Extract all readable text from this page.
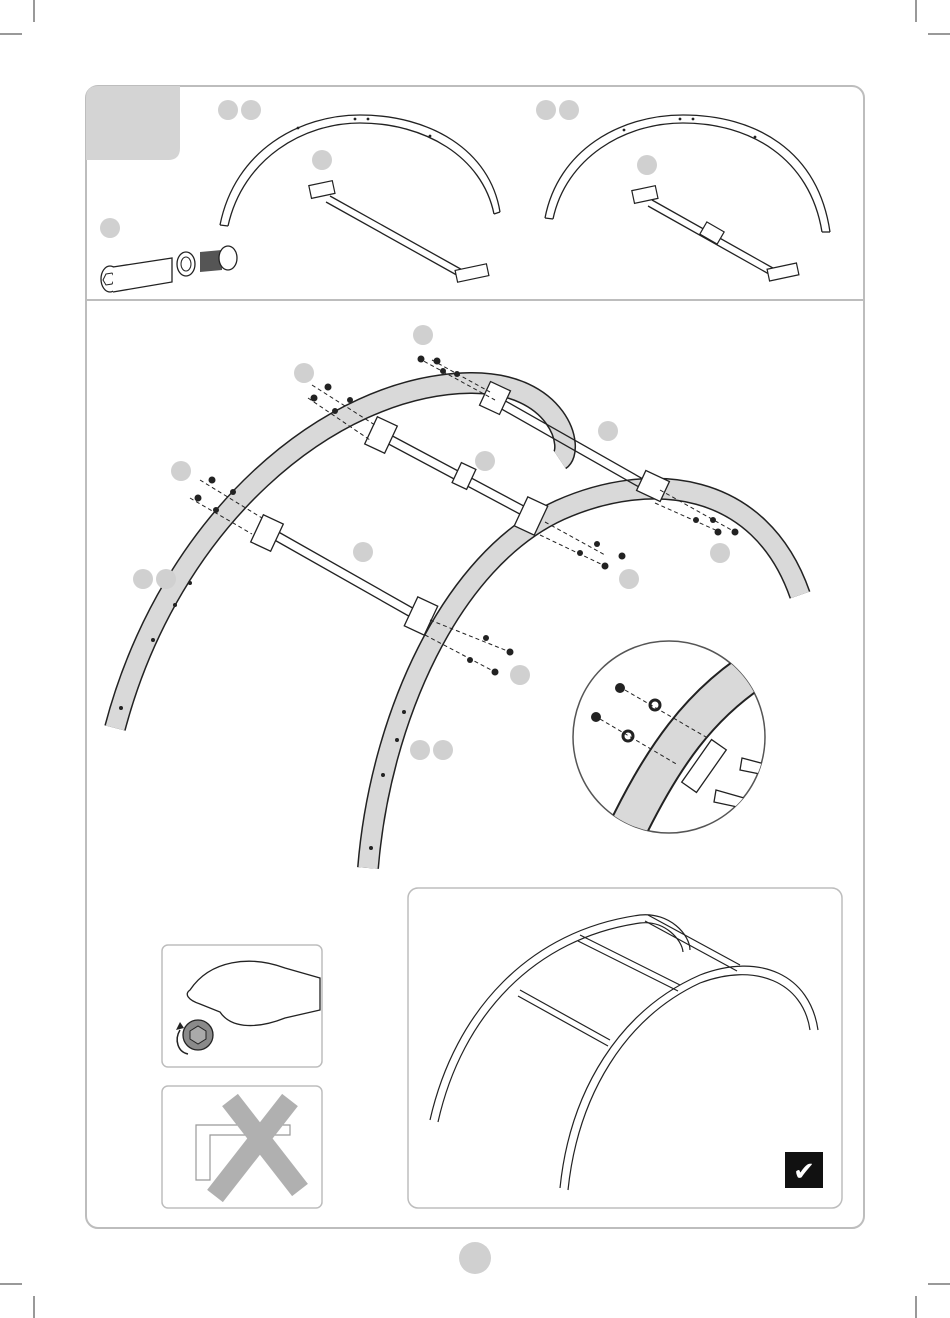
✔
